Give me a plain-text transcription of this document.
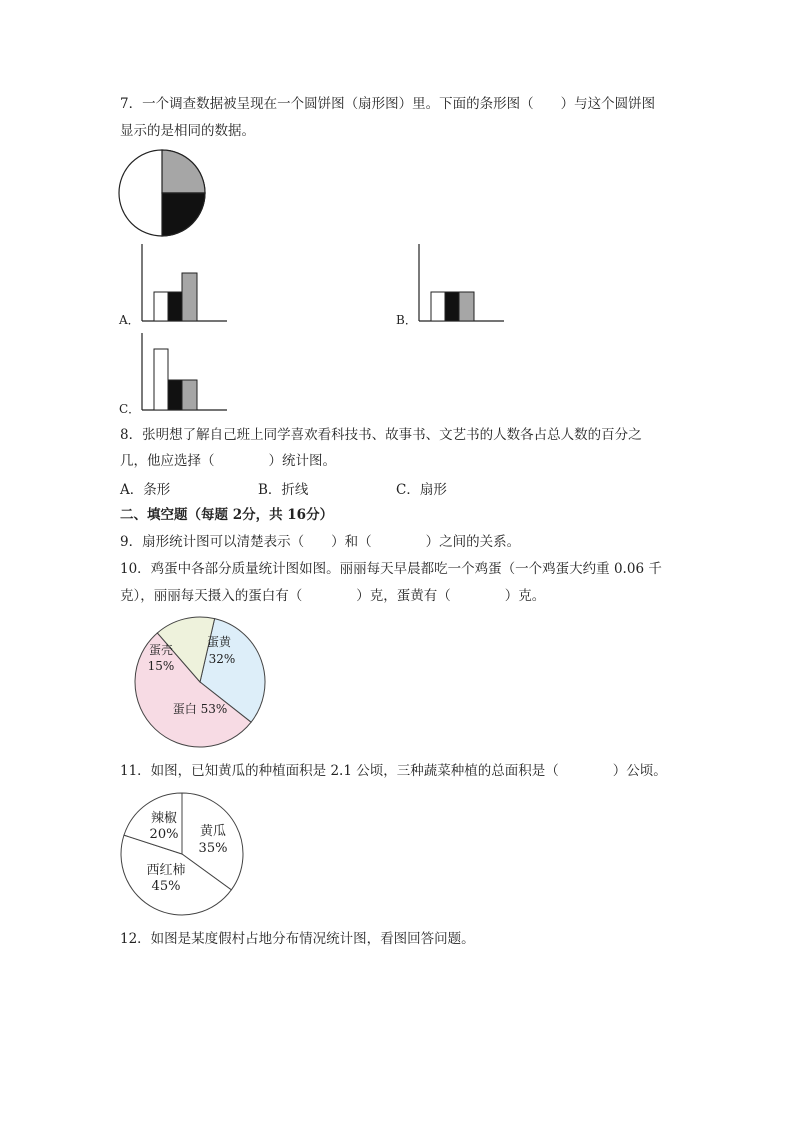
7．一个调查数据被呈现在一个圆饼图（扇形图）里。下面的条形图（　　）与这个圆饼图
显示的是相同的数据。
A．	B．
C．
8．张明想了解自己班上同学喜欢看科技书、故事书、文艺书的人数各占总人数的百分之
几，他应选择（　　　　）统计图。
A．条形	B．折线	C．扇形
二、填空题（每题 2分，共 16分）
9．扇形统计图可以清楚表示（　　）和（　　　　）之间的关系。
10．鸡蛋中各部分质量统计图如图。丽丽每天早晨都吃一个鸡蛋（一个鸡蛋大约重 0.06 千
克），丽丽每天摄入的蛋白有（　　　　）克，蛋黄有（　　　　）克。
蛋黄
32%
蛋壳
15%
蛋白 53%
11．如图，已知黄瓜的种植面积是 2.1 公顷，三种蔬菜种植的总面积是（　　　　）公顷。
黄瓜
35%
辣椒
20%
西红柿
45%
12．如图是某度假村占地分布情况统计图，看图回答问题。
